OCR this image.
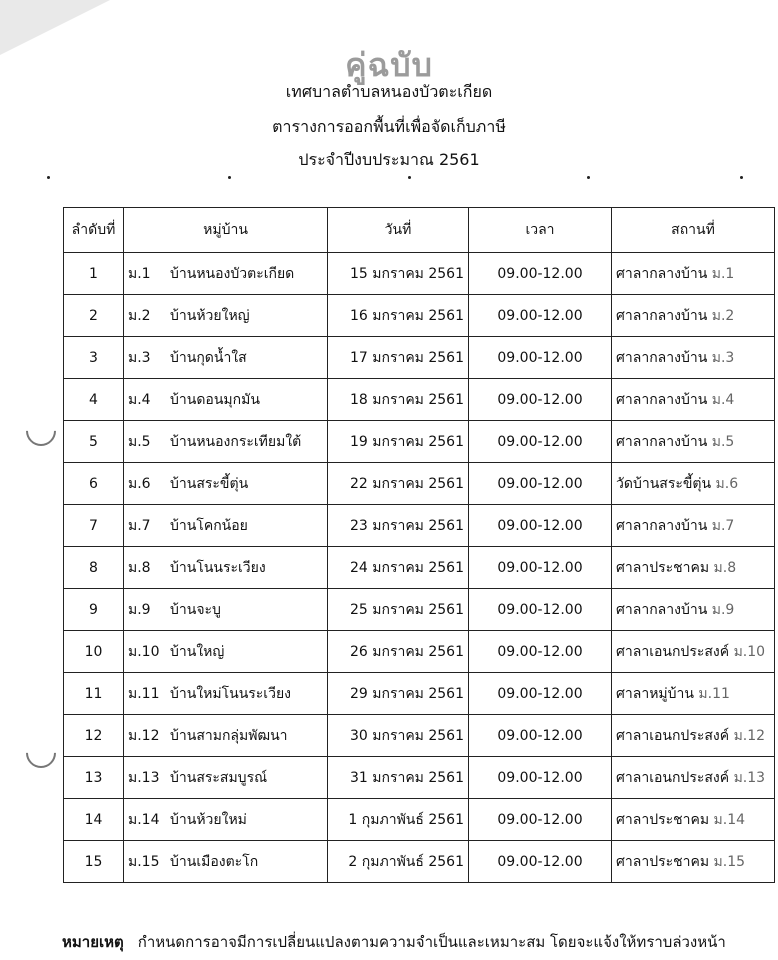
คู่ฉบับ
เทศบาลตำบลหนองบัวตะเกียด
ตารางการออกพื้นที่เพื่อจัดเก็บภาษี
ประจำปีงบประมาณ 2561
ลำดับที่	หมู่บ้าน	วันที่	เวลา	สถานที่
1	ม.1 บ้านหนองบัวตะเกียด	15 มกราคม 2561	09.00-12.00	ศาลากลางบ้าน ม.1
2	ม.2 บ้านห้วยใหญ่	16 มกราคม 2561	09.00-12.00	ศาลากลางบ้าน ม.2
3	ม.3 บ้านกุดน้ำใส	17 มกราคม 2561	09.00-12.00	ศาลากลางบ้าน ม.3
4	ม.4 บ้านดอนมุกมัน	18 มกราคม 2561	09.00-12.00	ศาลากลางบ้าน ม.4
5	ม.5 บ้านหนองกระเทียมใต้	19 มกราคม 2561	09.00-12.00	ศาลากลางบ้าน ม.5
6	ม.6 บ้านสระขี้ตุ่น	22 มกราคม 2561	09.00-12.00	วัดบ้านสระขี้ตุ่น ม.6
7	ม.7 บ้านโคกน้อย	23 มกราคม 2561	09.00-12.00	ศาลากลางบ้าน ม.7
8	ม.8 บ้านโนนระเวียง	24 มกราคม 2561	09.00-12.00	ศาลาประชาคม ม.8
9	ม.9 บ้านจะบู	25 มกราคม 2561	09.00-12.00	ศาลากลางบ้าน ม.9
10	ม.10 บ้านใหญ่	26 มกราคม 2561	09.00-12.00	ศาลาเอนกประสงค์ ม.10
11	ม.11 บ้านใหม่โนนระเวียง	29 มกราคม 2561	09.00-12.00	ศาลาหมู่บ้าน ม.11
12	ม.12 บ้านสามกลุ่มพัฒนา	30 มกราคม 2561	09.00-12.00	ศาลาเอนกประสงค์ ม.12
13	ม.13 บ้านสระสมบูรณ์	31 มกราคม 2561	09.00-12.00	ศาลาเอนกประสงค์ ม.13
14	ม.14 บ้านห้วยใหม่	1 กุมภาพันธ์ 2561	09.00-12.00	ศาลาประชาคม ม.14
15	ม.15 บ้านเมืองตะโก	2 กุมภาพันธ์ 2561	09.00-12.00	ศาลาประชาคม ม.15
หมายเหตุ กำหนดการอาจมีการเปลี่ยนแปลงตามความจำเป็นและเหมาะสม โดยจะแจ้งให้ทราบล่วงหน้า
